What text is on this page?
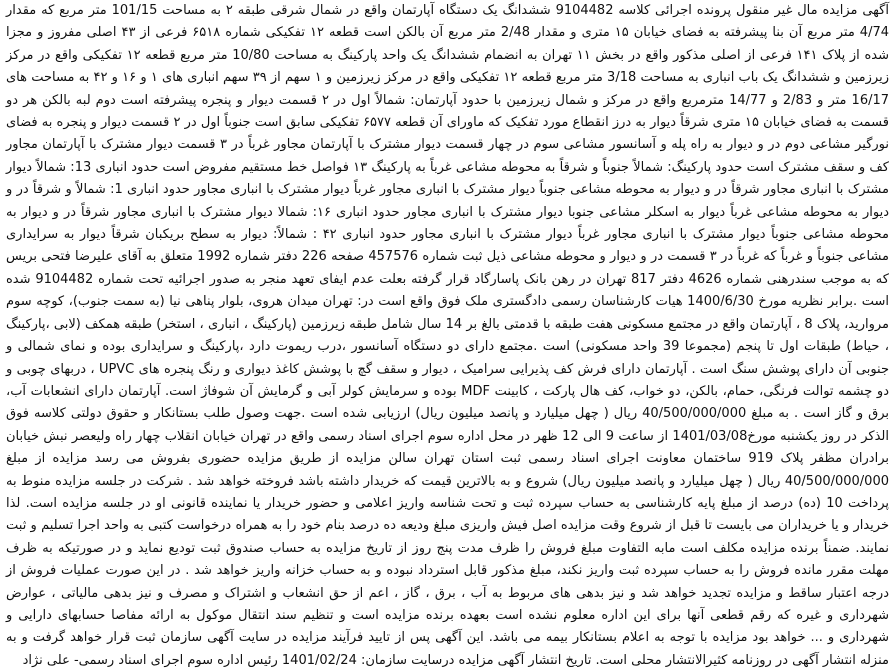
آگهی مزایده مال غیر منقول پرونده اجرائی کلاسه 9104482 ششدانگ یک دستگاه آپارتمان واقع در شمال شرقی طبقه ۲ به مساحت 101/15 متر مربع که مقدار 4/74 متر مربع آن بنا پیشرفته به فضای خیابان ۱۵ متری و مقدار 2/48 متر مربع آن بالکن است قطعه ۱۲ تفکیکی شماره ۶۵۱۸ فرعی از ۴۳ اصلی مفروز و مجزا شده از پلاک ۱۴۱ فرعی از اصلی مذکور واقع در بخش ۱۱ تهران به انضمام ششدانگ یک واحد پارکینگ به مساحت 10/80 متر مربع قطعه ۱۲ تفکیکی واقع در مرکز زیرزمین و ششدانگ یک باب انباری به مساحت 3/18 متر مربع قطعه ۱۲ تفکیکی واقع در مرکز زیرزمین و ۱ سهم از ۳۹ سهم انباری های ۱ و ۱۶ و ۴۲ به مساحت های 16/17 متر و 2/83 و 14/77 مترمربع واقع در مرکز و شمال زیرزمین با حدود آپارتمان: شمالاً اول در ۲ قسمت دیوار و پنجره پیشرفته است دوم لبه بالکن هر دو قسمت به فضای خیابان ۱۵ متری شرقاً دیوار به درز انقطاع مورد تفکیک که ماورای آن قطعه ۶۵۷۷ تفکیکی سابق است جنوباً اول در ۲ قسمت دیوار و پنجره به فضای نورگیر مشاعی دوم در و دیوار به راه پله و آسانسور مشاعی سوم در چهار قسمت دیوار مشترک با آپارتمان مجاور غرباً در ۳ قسمت دیوار مشترک با آپارتمان مجاور کف و سقف مشترک است حدود پارکینگ: شمالاً جنوباً و شرقاً به محوطه مشاعی غرباً به پارکینگ ۱۳ فواصل خط مستقیم مفروض است حدود انباری 13: شمالاً دیوار مشترک با انباری مجاور شرقاً در و دیوار به محوطه مشاعی جنوباً دیوار مشترک با انباری مجاور غرباً دیوار مشترک با انباری مجاور حدود انباری 1: شمالاً و شرقاً در و دیوار به محوطه مشاعی غرباً دیوار به اسکلر مشاعی جنوبا دیوار مشترک با انباری مجاور حدود انباری ۱۶: شمالا دیوار مشترک با انباری مجاور شرقاً در و دیوار به محوطه مشاعی جنوباً دیوار مشترک با انباری مجاور غرباً دیوار مشترک با انباری مجاور حدود انباری ۴۲ : شمالاً: دیوار به سطح بریکبان شرقاً دیوار به سرایداری مشاعی جنوباً و غرباً که غرباً در ۳ قسمت در و دیوار و محوطه مشاعی ذیل ثبت شماره 457576 صفحه 226 دفتر شماره 1992 متعلق به آقای علیرضا فتحی بریس که به موجب سندرهنی شماره 4626 دفتر 817 تهران در رهن بانک پاسارگاد قرار گرفته بعلت عدم ایفای تعهد منجر به صدور اجرائیه تحت شماره 9104482 شده است .برابر نظریه مورخ 1400/6/30 هیات کارشناسان رسمی دادگستری ملک فوق واقع است در: تهران میدان هروی، بلوار پناهی نیا (به سمت جنوب)، کوچه سوم مروارید، پلاک 8 ، آپارتمان واقع در مجتمع مسکونی هفت طبقه با قدمتی بالغ بر 14 سال شامل طبقه زیرزمین (پارکینگ ، انباری ، استخر) طبقه همکف (لابی ،پارکینگ ، حیاط) طبقات اول تا پنجم (مجموعا 39 واحد مسکونی) است .مجتمع دارای دو دستگاه آسانسور ،درب ریموت دارد ،پارکینگ و سرایداری بوده و نمای شمالی و جنوبی آن دارای پوشش سنگ است . آپارتمان دارای فرش کف پذیرایی سرامیک ، دیوار و سقف گچ با پوشش کاغذ دیواری و رنگ پنجره های UPVC ، دربهای چوبی و دو چشمه توالت فرنگی، حمام، بالکن، دو خواب، کف هال پارکت ، کابینت MDF بوده و سرمایش کولر آبی و گرمایش آن شوفاژ است. آپارتمان دارای انشعابات آب، برق و گاز است . به مبلغ 40/500/000/000 ریال ( چهل میلیارد و پانصد میلیون ریال) ارزیابی شده است .جهت وصول طلب بستانکار و حقوق دولتی کلاسه فوق الذکر در روز یکشنبه مورخ1401/03/08 از ساعت 9 الی 12 ظهر در محل اداره سوم اجرای اسناد رسمی واقع در تهران خیابان انقلاب چهار راه ولیعصر نبش خیابان برادران مظفر پلاک 919 ساختمان معاونت اجرای اسناد رسمی ثبت استان تهران سالن مزایده از طریق مزایده حضوری بفروش می رسد مزایده از مبلغ 40/500/000/000 ریال ( چهل میلیارد و پانصد میلیون ریال) شروع و به بالاترین قیمت که خریدار داشته باشد فروخته خواهد شد . شرکت در جلسه مزایده منوط به پرداخت 10 (ده) درصد از مبلغ پایه کارشناسی به حساب سپرده ثبت و تحت شناسه واریز اعلامی و حضور خریدار یا نماینده قانونی او در جلسه مزایده است. لذا خریدار و یا خریداران می بایست تا قبل از شروع وقت مزایده اصل فیش واریزی مبلغ ودیعه ده درصد بنام خود را به همراه درخواست کتبی به واحد اجرا تسلیم و ثبت نمایند. ضمناً برنده مزایده مکلف است مابه التفاوت مبلغ فروش را ظرف مدت پنج روز از تاریخ مزایده به حساب صندوق ثبت تودیع نماید و در صورتیکه به ظرف مهلت مقرر مانده فروش را به حساب سپرده ثبت واریز نکند، مبلغ مذکور قابل استرداد نبوده و به حساب خزانه واریز خواهد شد . در این صورت عملیات فروش از درجه اعتبار ساقط و مزایده تجدید خواهد شد و نیز بدهی های مربوط به آب ، برق ، گاز ، اعم از حق انشعاب و اشتراک و مصرف و نیز بدهی مالیاتی ، عوارض شهرداری و غیره که رقم قطعی آنها برای این اداره معلوم نشده است بعهده برنده مزایده است و تنظیم سند انتقال موکول به ارائه مفاصا حسابهای دارایی و شهرداری و ... خواهد بود مزایده با توجه به اعلام بستانکار بیمه می باشد. این آگهی پس از تایید فرآیند مزایده در سایت آگهی سازمان ثبت قرار خواهد گرفت و به منزله انتشار آگهی در روزنامه کثیرالانتشار محلی است. تاریخ انتشار آگهی مزایده درسایت سازمان: 1401/02/24 رئیس اداره سوم اجرای اسناد رسمی- علی نژاد
